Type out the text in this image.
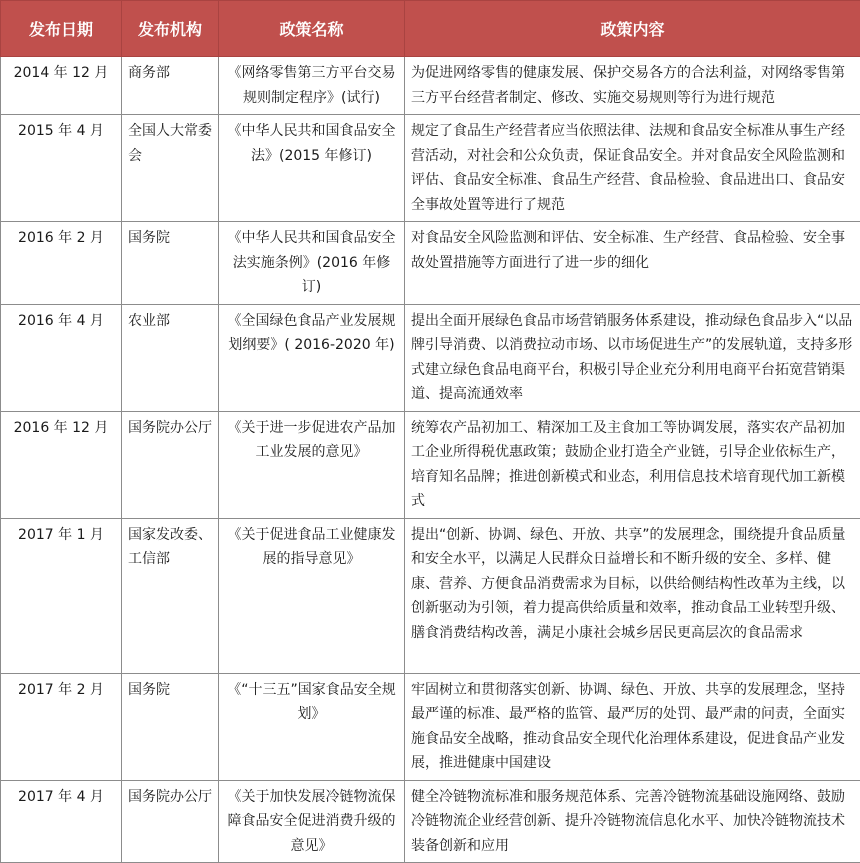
发布日期	发布机构	政策名称	政策内容
2014 年 12 月	商务部	《网络零售第三方平台交易规则制定程序》(试行)	为促进网络零售的健康发展、保护交易各方的合法利益，对网络零售第三方平台经营者制定、修改、实施交易规则等行为进行规范
2015 年 4 月	全国人大常委会	《中华人民共和国食品安全法》(2015 年修订)	规定了食品生产经营者应当依照法律、法规和食品安全标准从事生产经营活动，对社会和公众负责，保证食品安全。并对食品安全风险监测和评估、食品安全标准、食品生产经营、食品检验、食品进出口、食品安全事故处置等进行了规范
2016 年 2 月	国务院	《中华人民共和国食品安全法实施条例》(2016 年修订)	对食品安全风险监测和评估、安全标准、生产经营、食品检验、安全事故处置措施等方面进行了进一步的细化
2016 年 4 月	农业部	《全国绿色食品产业发展规划纲要》( 2016-2020 年)	提出全面开展绿色食品市场营销服务体系建设，推动绿色食品步入“以品牌引导消费、以消费拉动市场、以市场促进生产”的发展轨道，支持多形式建立绿色食品电商平台，积极引导企业充分利用电商平台拓宽营销渠道、提高流通效率
2016 年 12 月	国务院办公厅	《关于进一步促进农产品加工业发展的意见》	统筹农产品初加工、精深加工及主食加工等协调发展，落实农产品初加工企业所得税优惠政策；鼓励企业打造全产业链，引导企业依标生产，培育知名品牌；推进创新模式和业态，利用信息技术培育现代加工新模式
2017 年 1 月	国家发改委、工信部	《关于促进食品工业健康发展的指导意见》	提出“创新、协调、绿色、开放、共享”的发展理念，围绕提升食品质量和安全水平，以满足人民群众日益增长和不断升级的安全、多样、健康、营养、方便食品消费需求为目标，以供给侧结构性改革为主线，以创新驱动为引领，着力提高供给质量和效率，推动食品工业转型升级、膳食消费结构改善，满足小康社会城乡居民更高层次的食品需求
2017 年 2 月	国务院	《“十三五”国家食品安全规划》	牢固树立和贯彻落实创新、协调、绿色、开放、共享的发展理念，坚持最严谨的标准、最严格的监管、最严厉的处罚、最严肃的问责，全面实施食品安全战略，推动食品安全现代化治理体系建设，促进食品产业发展，推进健康中国建设
2017 年 4 月	国务院办公厅	《关于加快发展冷链物流保障食品安全促进消费升级的意见》	健全冷链物流标准和服务规范体系、完善冷链物流基础设施网络、鼓励冷链物流企业经营创新、提升冷链物流信息化水平、加快冷链物流技术装备创新和应用
